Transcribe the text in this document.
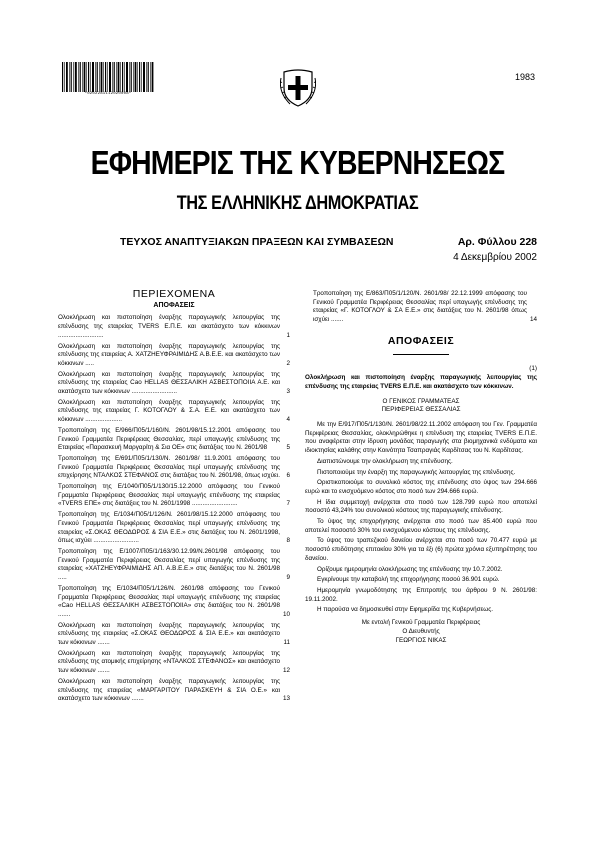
*0202281112020008*
1983
ΕΦΗΜΕΡΙΣ ΤΗΣ ΚΥΒΕΡΝΗΣΕΩΣ
ΤΗΣ ΕΛΛΗΝΙΚΗΣ ΔΗΜΟΚΡΑΤΙΑΣ
ΤΕΥΧΟΣ ΑΝΑΠΤΥΞΙΑΚΩΝ ΠΡΑΞΕΩΝ ΚΑΙ ΣΥΜΒΑΣΕΩΝ	Αρ. Φύλλου 228
4 Δεκεμβρίου 2002
ΠΕΡΙΕΧΟΜΕΝΑ
ΑΠΟΦΑΣΕΙΣ
Ολοκλήρωση και πιστοποίηση έναρξης παραγωγικής λειτουργίας της επένδυσης της εταιρείας TVERS Ε.Π.Ε. και ακατάσχετο των κόκκινων ..........................	1
Ολοκλήρωση και πιστοποίηση έναρξης παραγωγικής λειτουργίας της επένδυσης της εταιρείας Α. ΧΑΤΖΗΕΥΦΡΑΙΜΙΔΗΣ Α.Β.Ε.Ε. και ακατάσχετο των κόκκινων .....	2
Ολοκλήρωση και πιστοποίηση έναρξης παραγωγικής λειτουργίας της επένδυσης της εταιρείας Cao HELLAS ΘΕΣΣΑΛΙΚΗ ΑΣΒΕΣΤΟΠΟΙΙΑ Α.Ε. και ακατάσχετο των κόκκινων ..........................	3
Ολοκλήρωση και πιστοποίηση έναρξης παραγωγικής λειτουργίας της επένδυσης της εταιρείας Γ. ΚΟΤΟΓΛΟΥ & Σ.Α. Ε.Ε. και ακατάσχετο των κόκκινων .....................	4
Τροποποίηση της Ε/966/Π05/1/160/Ν. 2601/98/15.12.2001 απόφασης του Γενικού Γραμματέα Περιφέρειας Θεσσαλίας, περί υπαγωγής επένδυσης της Εταιρείας «Παρασκευή Μαργαρίτη & Σια ΟΕ» στις διατάξεις του Ν. 2601/98	5
Τροποποίηση της Ε/691/Π05/1/130/Ν. 2601/98/ 11.9.2001 απόφασης του Γενικού Γραμματέα Περιφέρειας Θεσσαλίας περί υπαγωγής επένδυσης της επιχείρησης ΝΤΑΛΚΟΣ ΣΤΕΦΑΝΟΣ στις διατάξεις του Ν. 2601/98, όπως ισχύει.	6
Τροποποίηση της Ε/1040/Π05/1/130/15.12.2000 απόφασης του Γενικού Γραμματέα Περιφέρειας Θεσσαλίας περί υπαγωγής επένδυσης της εταιρείας «TVERS ΕΠΕ» στις διατάξεις του Ν. 2601/1998 ..........................	7
Τροποποίηση της Ε/1034/Π05/1/126/Ν. 2601/98/15.12.2000 απόφασης του Γενικού Γραμματέα Περιφέρειας Θεσσαλίας περί υπαγωγής επένδυσης της εταιρείας «Σ.ΟΚΑΣ ΘΕΟΔΩΡΟΣ & ΣΙΑ Ε.Ε.» στις διατάξεις του Ν. 2601/1998, όπως ισχύει ..........................	8
Τροποποίηση της Ε/1007/Π05/1/163/30.12.99/Ν.2601/98 απόφασης του Γενικού Γραμματέα Περιφέρειας Θεσσαλίας περί υπαγωγής επένδυσης της εταιρείας «ΧΑΤΖΗΕΥΦΡΑΙΜΙΔΗΣ ΑΠ. Α.Β.Ε.Ε.» στις διατάξεις του Ν. 2601/98 .....	9
Τροποποίηση της Ε/1034/Π05/1/126/Ν. 2601/98 απόφασης του Γενικού Γραμματέα Περιφέρειας Θεσσαλίας περί υπαγωγής επένδυσης της εταιρείας «Cao HELLAS ΘΕΣΣΑΛΙΚΗ ΑΣΒΕΣΤΟΠΟΙΙΑ» στις διατάξεις του Ν. 2601/98 .......	10
Ολοκλήρωση και πιστοποίηση έναρξης παραγωγικής λειτουργίας της επένδυσης της εταιρείας «Σ.ΟΚΑΣ ΘΕΟΔΩΡΟΣ & ΣΙΑ Ε.Ε.» και ακατάσχετο των κόκκινων .......	11
Ολοκλήρωση και πιστοποίηση έναρξης παραγωγικής λειτουργίας της επένδυσης της ατομικής επιχείρησης «ΝΤΑΛΚΟΣ ΣΤΕΦΑΝΟΣ» και ακατάσχετο των κόκκινων .......	12
Ολοκλήρωση και πιστοποίηση έναρξης παραγωγικής λειτουργίας της επένδυσης της εταιρείας «ΜΑΡΓΑΡΙΤΟΥ ΠΑΡΑΣΚΕΥΗ & ΣΙΑ Ο.Ε.» και ακατάσχετο των κόκκινων .......	13
Τροποποίηση της Ε/863/Π05/1/120/Ν. 2601/98/ 22.12.1999 απόφασης του Γενικού Γραμματέα Περιφέρειας Θεσσαλίας περί υπαγωγής επένδυσης της εταιρείας «Γ. ΚΟΤΟΓΛΟΥ & ΣΑ Ε.Ε.» στις διατάξεις του Ν. 2601/98 όπως ισχύει .......	14
ΑΠΟΦΑΣΕΙΣ
(1)
Ολοκλήρωση και πιστοποίηση έναρξης παραγωγικής λειτουργίας της επένδυσης της εταιρείας TVERS Ε.Π.Ε. και ακατάσχετο των κόκκινων.
Ο ΓΕΝΙΚΟΣ ΓΡΑΜΜΑΤΕΑΣ
ΠΕΡΙΦΕΡΕΙΑΣ ΘΕΣΣΑΛΙΑΣ
Με την Ε/917/Π05/1/130/Ν. 2601/98/22.11.2002 απόφαση του Γεν. Γραμματέα Περιφέρειας Θεσσαλίας, ολοκληρώθηκε η επένδυση της εταιρείας TVERS Ε.Π.Ε. που αναφέρεται στην ίδρυση μονάδας παραγωγής στα βιομηχανικά ενδύματα και ιδιοκτησίας καλάθης στην Κοινότητα Τσαπραγιάς Καρδίτσας του Ν. Καρδίτσας.
Διαπιστώνουμε την ολοκλήρωση της επένδυσης.
Πιστοποιούμε την έναρξη της παραγωγικής λειτουργίας της επένδυσης.
Οριστικοποιούμε το συνολικό κόστος της επένδυσης στο ύψος των 294.666 ευρώ και το ενισχυόμενο κόστος στο ποσό των 294.666 ευρώ.
Η ίδια συμμετοχή ανέρχεται στο ποσό των 128.799 ευρώ που αποτελεί ποσοστό 43,24% του συνολικού κόστους της παραγωγικής επένδυσης.
Το ύψος της επιχορήγησης ανέρχεται στο ποσό των 85.400 ευρώ που αποτελεί ποσοστό 30% του ενισχυόμενου κόστους της επένδυσης.
Το ύψος του τραπεζικού δανείου ανέρχεται στο ποσό των 70.477 ευρώ με ποσοστό επιδότησης επιτοκίου 30% για τα έξι (6) πρώτα χρόνια εξυπηρέτησης του δανείου.
Ορίζουμε ημερομηνία ολοκλήρωσης της επένδυσης την 10.7.2002.
Εγκρίνουμε την καταβολή της επιχορήγησης ποσού 36.901 ευρώ.
Ημερομηνία γνωμοδότησης της Επιτροπής του άρθρου 9 Ν. 2601/98: 19.11.2002.
Η παρούσα να δημοσιευθεί στην Εφημερίδα της Κυβερνήσεως.
Με εντολή Γενικού Γραμματέα Περιφέρειας
Ο Διευθυντής
ΓΕΩΡΓΙΟΣ ΝΙΚΑΣ
